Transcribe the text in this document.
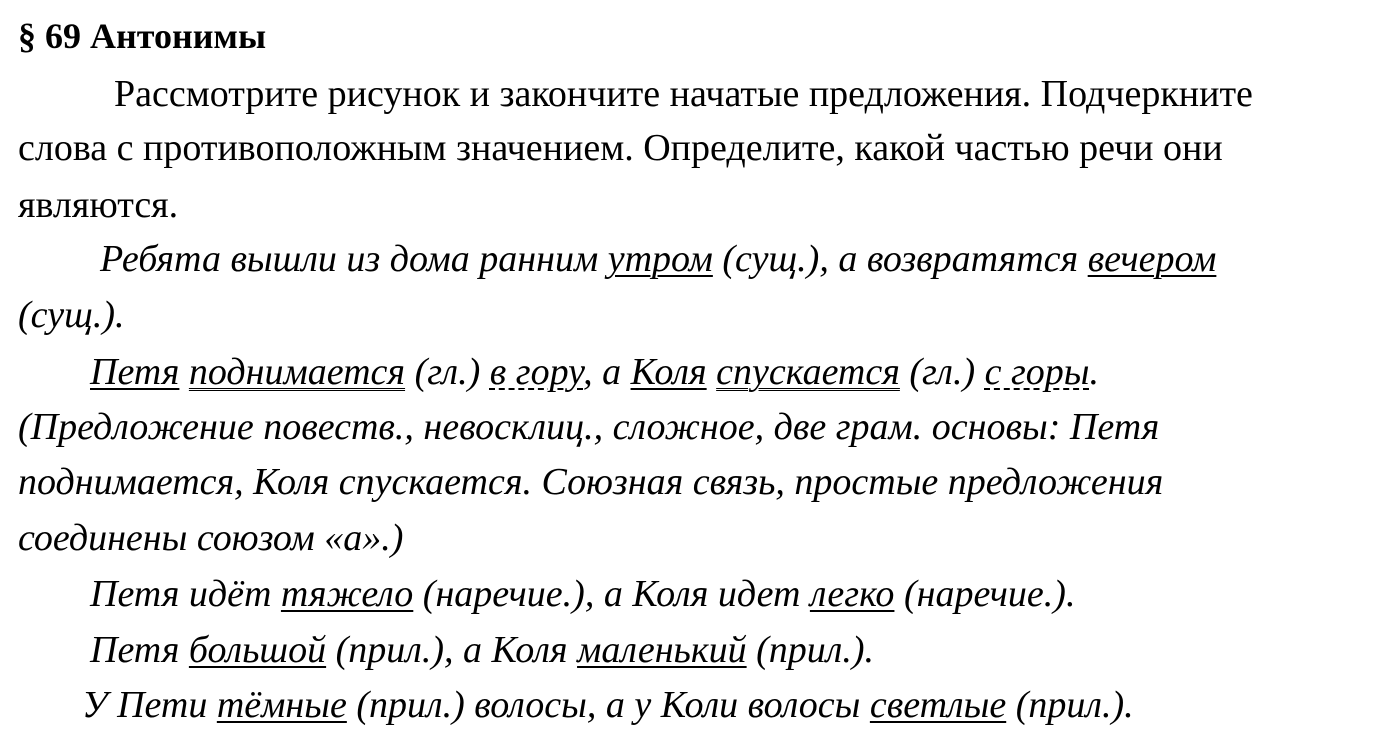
§ 69 Антонимы
Рассмотрите рисунок и закончите начатые предложения. Подчеркните
слова с противоположным значением. Определите, какой частью речи они
являются.
Ребята вышли из дома ранним утром (сущ.), а возвратятся вечером
(сущ.).
Петя поднимается (гл.) в гору, а Коля спускается (гл.) с горы.
(Предложение повеств., невосклиц., сложное, две грам. основы: Петя
поднимается, Коля спускается. Союзная связь, простые предложения
соединены союзом «а».)
Петя идёт тяжело (наречие.), а Коля идет легко (наречие.).
Петя большой (прил.), а Коля маленький (прил.).
У Пети тёмные (прил.) волосы, а у Коли волосы светлые (прил.).
